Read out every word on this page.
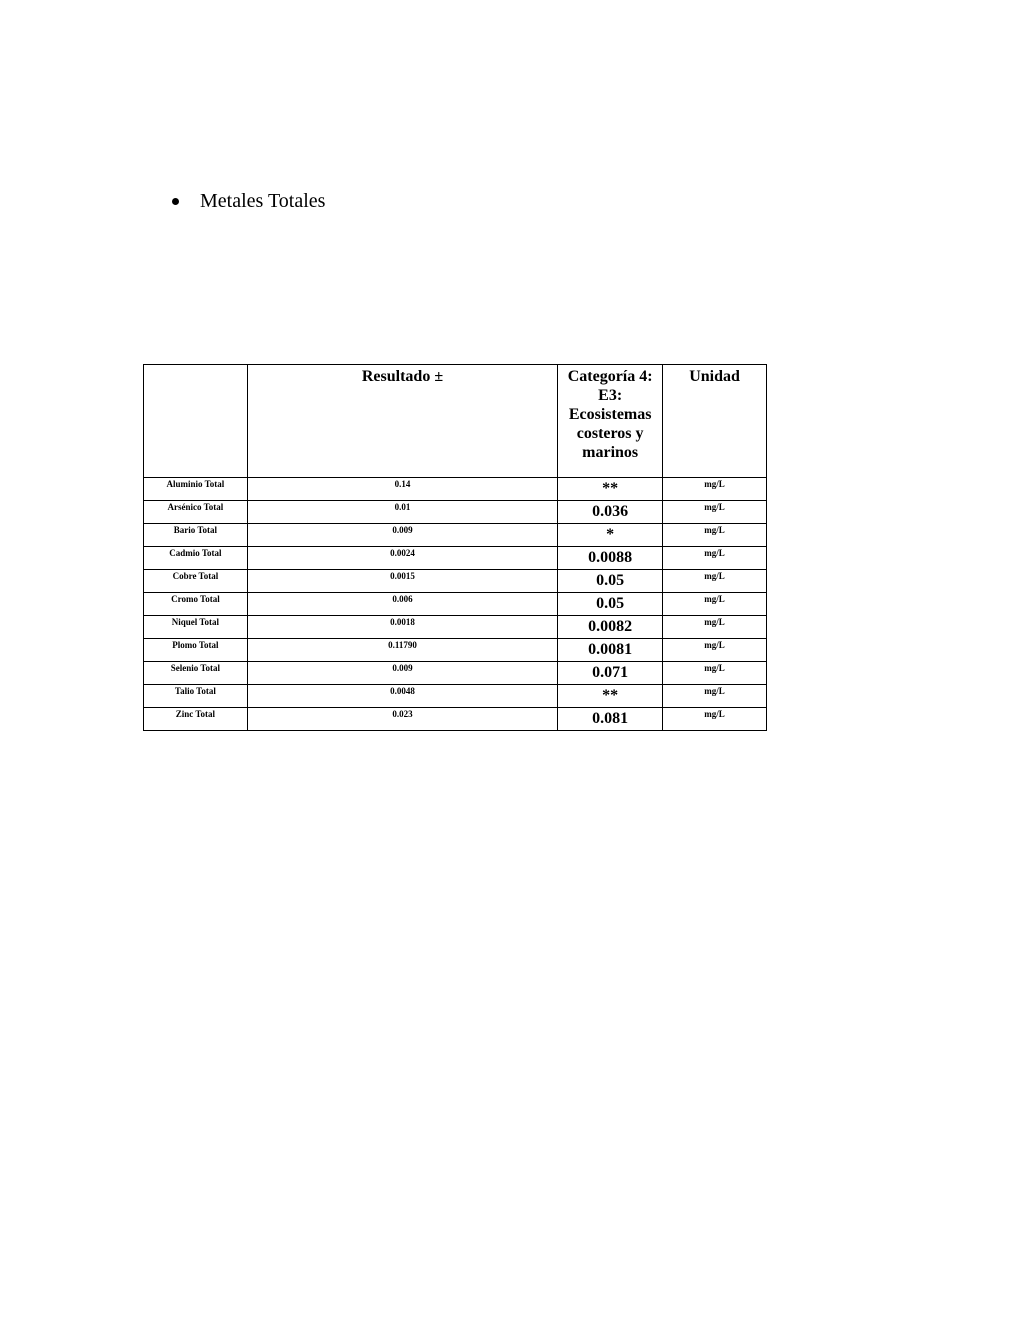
Metales Totales
	Resultado ±	Categoría 4: E3: Ecosistemas costeros y marinos	Unidad

Aluminio Total	0.14	**	mg/L

Arsénico Total	0.01	0.036	mg/L

Bario Total	0.009	*	mg/L

Cadmio Total	0.0024	0.0088	mg/L

Cobre Total	0.0015	0.05	mg/L

Cromo Total	0.006	0.05	mg/L

Niquel Total	0.0018	0.0082	mg/L

Plomo Total	0.11790	0.0081	mg/L

Selenio Total	0.009	0.071	mg/L

Talio Total	0.0048	**	mg/L

Zinc Total	0.023	0.081	mg/L
